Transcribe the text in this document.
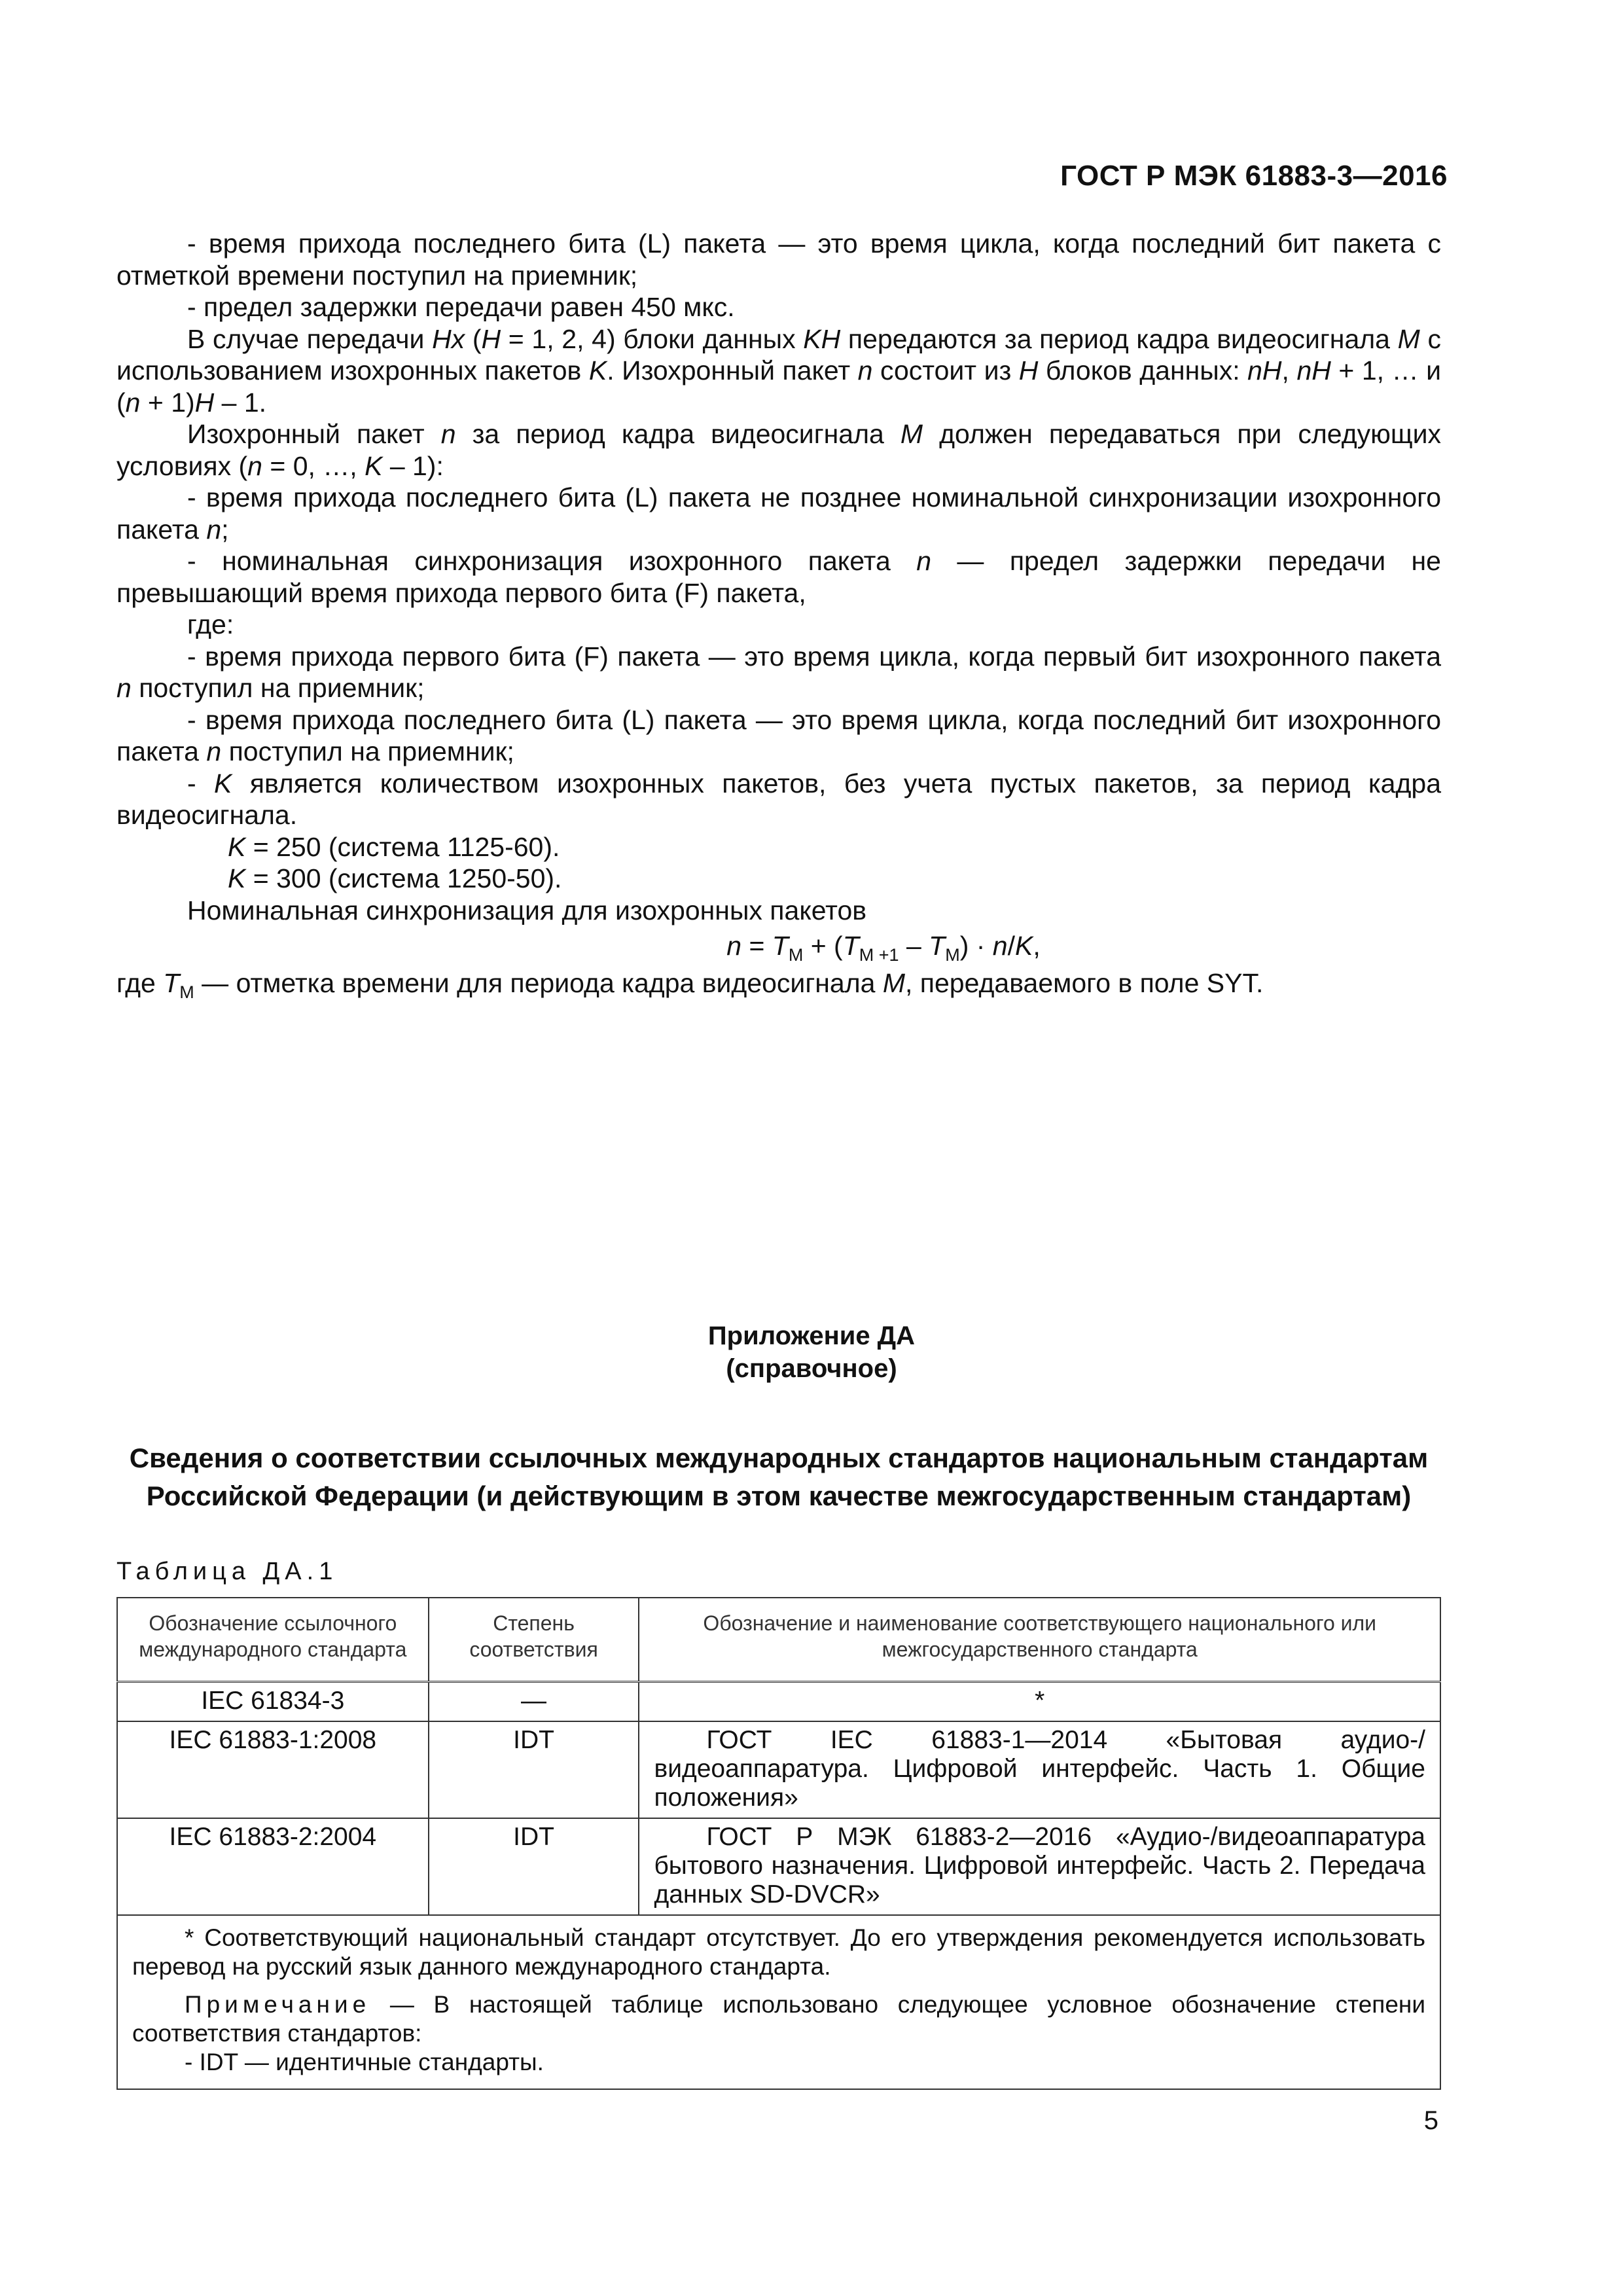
ГОСТ Р МЭК 61883-3—2016

- время прихода последнего бита (L) пакета — это время цикла, когда последний бит пакета с отметкой времени поступил на приемник;

- предел задержки передачи равен 450 мкс.

В случае передачи Hx (H = 1, 2, 4) блоки данных KH передаются за период кадра видеосигнала M с использованием изохронных пакетов K. Изохронный пакет n состоит из H блоков данных: nH, nH + 1, … и (n + 1)H – 1.

Изохронный пакет n за период кадра видеосигнала M должен передаваться при следующих условиях (n = 0, …, K – 1):

- время прихода последнего бита (L) пакета не позднее номинальной синхронизации изохронного пакета n;

- номинальная синхронизация изохронного пакета n — предел задержки передачи не превышающий время прихода первого бита (F) пакета,

где:

- время прихода первого бита (F) пакета — это время цикла, когда первый бит изохронного пакета n поступил на приемник;

- время прихода последнего бита (L) пакета — это время цикла, когда последний бит изохронного пакета n поступил на приемник;

- K является количеством изохронных пакетов, без учета пустых пакетов, за период кадра видеосигнала.

K = 250 (система 1125-60).

K = 300 (система 1250-50).

Номинальная синхронизация для изохронных пакетов

$n = T_M + (T_{M +1} - T_M) \cdot n/K$,

где $T_M$ — отметка времени для периода кадра видеосигнала M, передаваемого в поле SYT.

Приложение ДА
(справочное)
Сведения о соответствии ссылочных международных стандартов национальным стандартам
Российской Федерации (и действующим в этом качестве межгосударственным стандартам)
Таблица ДА.1
Обозначение ссылочного международного стандарта	Степень соответствия	Обозначение и наименование соответствующего национального или межгосударственного стандарта
IEC 61834-3	—	*
IEC 61883-1:2008	IDT	ГОСТ IEC 61883-1—2014 «Бытовая аудио-/видеоаппаратура. Цифровой интерфейс. Часть 1. Общие положения»
IEC 61883-2:2004	IDT	ГОСТ Р МЭК 61883-2—2016 «Аудио-/видеоаппаратура бытового назначения. Цифровой интерфейс. Часть 2. Передача данных SD-DVCR»

* Соответствующий национальный стандарт отсутствует. До его утверждения рекомендуется использовать перевод на русский язык данного международного стандарта.

Примечание — В настоящей таблице использовано следующее условное обозначение степени соответствия стандартов:

- IDT — идентичные стандарты.		

5
